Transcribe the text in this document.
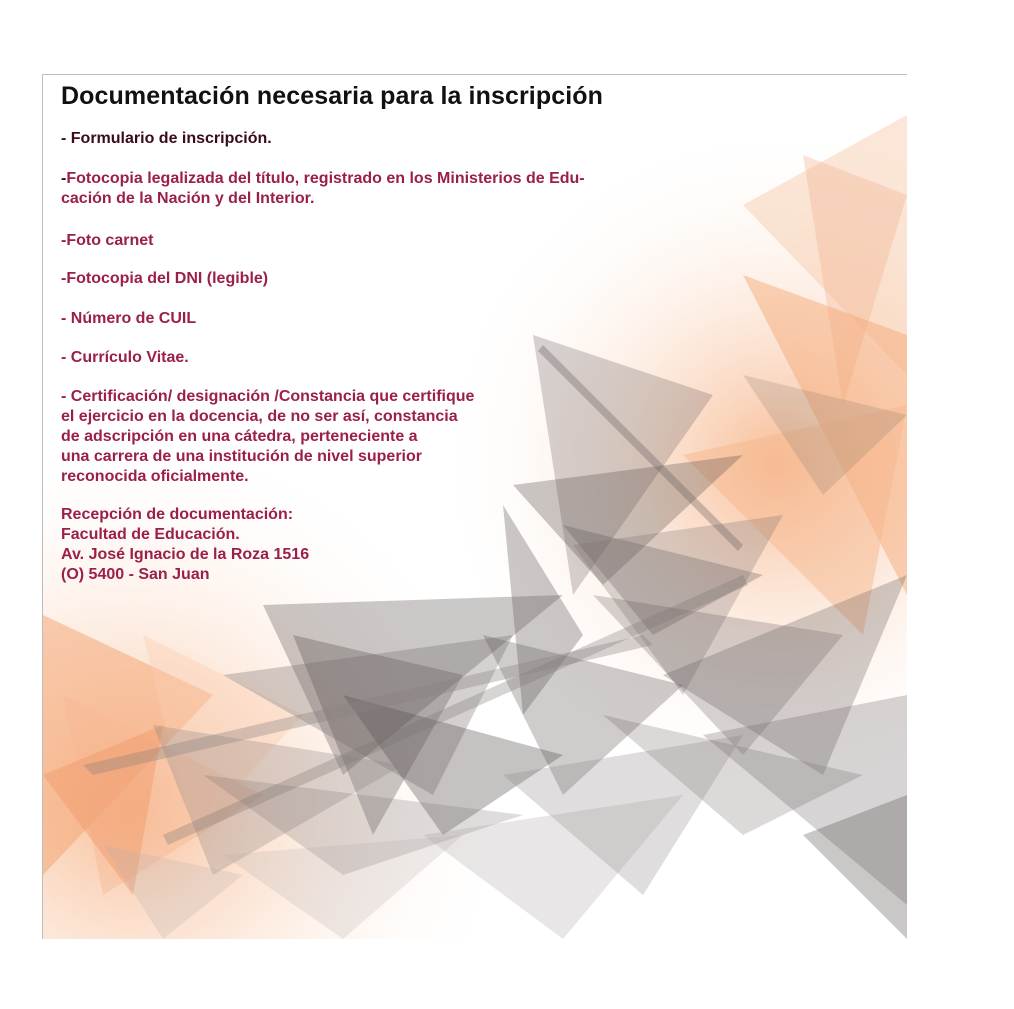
Documentación necesaria para la inscripción

- Formulario de inscripción.

-Fotocopia legalizada del título, registrado en los Ministerios de Edu-
cación de la Nación y del Interior.

-Foto carnet

-Fotocopia del DNI (legible)

- Número de CUIL

- Currículo Vitae.

- Certificación/ designación /Constancia que certifique
el ejercicio en la docencia, de no ser así, constancia
de adscripción en una cátedra, perteneciente a
una carrera de una institución de nivel superior
reconocida oficialmente.

Recepción de documentación:
Facultad de Educación.
Av. José Ignacio de la Roza 1516
(O) 5400 - San Juan
